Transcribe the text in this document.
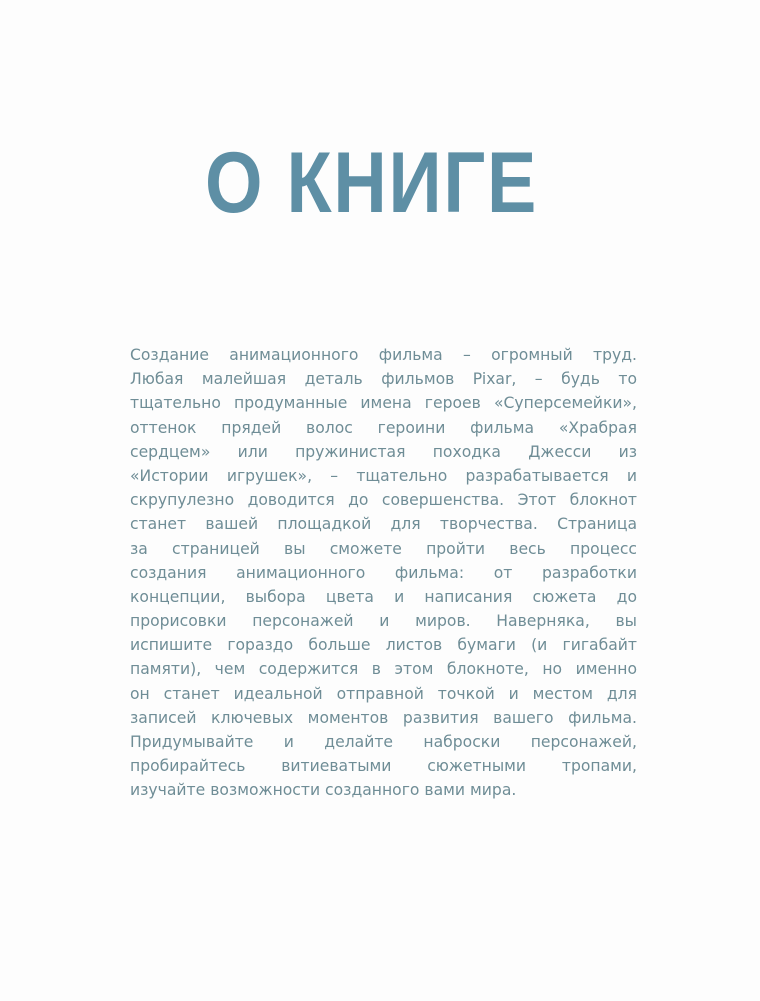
О КНИГЕ
Создание анимационного фильма – огромный труд.
Любая малейшая деталь фильмов Pixar, – будь то
тщательно продуманные имена героев «Суперсемейки»,
оттенок прядей волос героини фильма «Храбрая
сердцем» или пружинистая походка Джесси из
«Истории игрушек», – тщательно разрабатывается и
скрупулезно доводится до совершенства. Этот блокнот
станет вашей площадкой для творчества. Страница
за страницей вы сможете пройти весь процесс
создания анимационного фильма: от разработки
концепции, выбора цвета и написания сюжета до
прорисовки персонажей и миров. Наверняка, вы
испишите гораздо больше листов бумаги (и гигабайт
памяти), чем содержится в этом блокноте, но именно
он станет идеальной отправной точкой и местом для
записей ключевых моментов развития вашего фильма.
Придумывайте и делайте наброски персонажей,
пробирайтесь витиеватыми сюжетными тропами,
изучайте возможности созданного вами мира.
